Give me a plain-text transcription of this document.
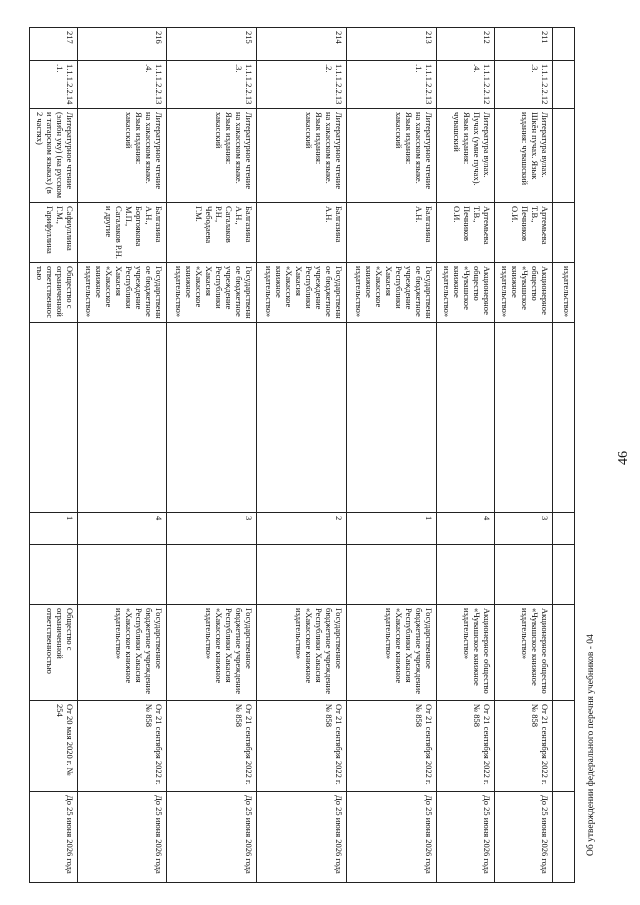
46
Об утверждении федерального перечня учебников - 04
				издательство»						
211	1.1.1.2.2.12.3.	Литература вулах. Шкĕн пучах. Язык издания: чувашский	Артемьева Т.В., Печников О.И.	Акционерное общество «Чувашское книжное издательство»		3		Акционерное общество «Чувашское книжное издательство»	От 21 сентября 2022 г. № 858	До 25 июня 2026 года
212	1.1.1.2.2.12.4.	Литература вулах. Пучах (умне пучах). Язык издания: чувашский	Артемьева Т.В., Печников О.И.	Акционерное общество «Чувашское книжное издательство»		4		Акционерное общество «Чувашское книжное издательство»	От 21 сентября 2022 г. № 858	До 25 июня 2026 года
213	1.1.1.2.2.13.1.	Литературное чтение на хакасском языке. Язык издания: хакасский	Балгазина А.Н.	Государственное бюджетное учреждение Республики Хакасия «Хакасское книжное издательство»		1		Государственное бюджетное учреждение Республики Хакасия «Хакасское книжное издательство»	От 21 сентября 2022 г. № 858	До 25 июня 2026 года
214	1.1.1.2.2.13.2.	Литературное чтение на хакасском языке. Язык издания: хакасский	Балгазина А.Н.	Государственное бюджетное учреждение Республики Хакасия «Хакасское книжное издательство»		2		Государственное бюджетное учреждение Республики Хакасия «Хакасское книжное издательство»	От 21 сентября 2022 г. № 858	До 25 июня 2026 года
215	1.1.1.2.2.13.3.	Литературное чтение на хакасском языке. Язык издания: хакасский	Балгазина А.Н., Сагалаков Р.Н., Чебодаева Г.М.	Государственное бюджетное учреждение Республики Хакасия «Хакасское книжное издательство»		3		Государственное бюджетное учреждение Республики Хакасия «Хакасское книжное издательство»	От 21 сентября 2022 г. № 858	До 25 июня 2026 года
216	1.1.1.2.2.13.4.	Литературное чтение на хакасском языке. Язык издания: хакасский	Балгазина А.Н., Боргоякова М.П., Сагалаков Р.Н. и другие	Государственное бюджетное учреждение Республики Хакасия «Хакасское книжное издательство»		4		Государственное бюджетное учреждение Республики Хакасия «Хакасское книжное издательство»	От 21 сентября 2022 г. № 858	До 25 июня 2026 года
217	1.1.1.2.2.14.1.	Литературное чтение (элибн уку) (на русском и татарском языках) (в 2 частях)	Сафиуллина Г.М., Гарифуллина	Общество с ограниченной ответственностью		1		Общество с ограниченной ответственностью	От 20 мая 2020 г. № 254	До 25 июня 2026 года
